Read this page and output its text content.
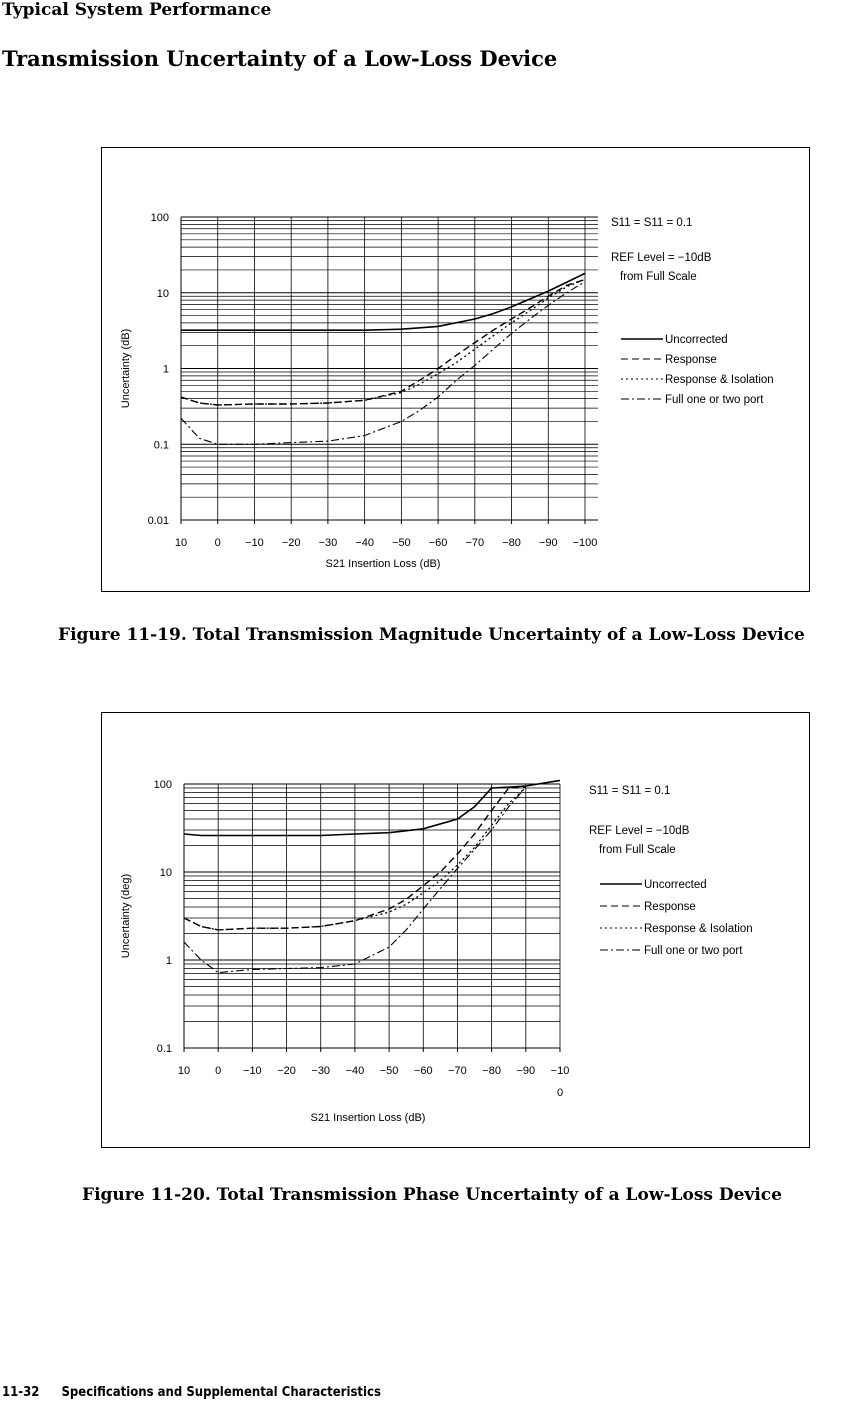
Typical System Performance
Transmission Uncertainty of a Low-Loss Device
0.01
0.1
1
10
100
10	0 −10 −20 −30 −40 −50 −60 −70 −80 −90 −100
S21 Insertion Loss (dB)
Uncertainty (dB)
S11 = S11 = 0.1
REF Level = −10dB
from Full Scale
Uncorrected
Response
Response & Isolation
Full one or two port
Figure 11-19. Total Transmission Magnitude Uncertainty of a Low-Loss Device
0.1
1
10
100
10 0 −10 −20 −30 −40 −50 −60 −70 −80 −90 −10
0
S21 Insertion Loss (dB)
Uncertainty (deg)
S11 = S11 = 0.1
REF Level = −10dB
from Full Scale
Uncorrected
Response
Response & Isolation
Full one or two port
Figure 11-20. Total Transmission Phase Uncertainty of a Low-Loss Device
11-32 Specifications and Supplemental Characteristics
